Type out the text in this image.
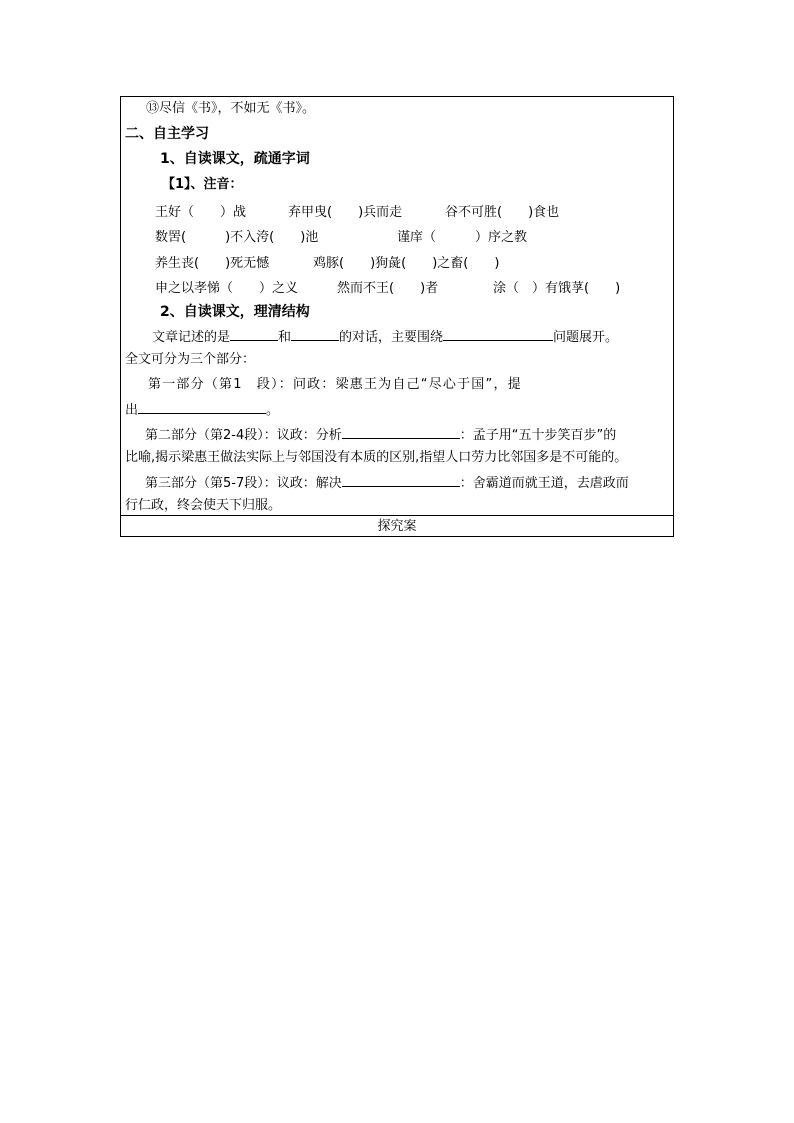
探究案
⑬尽信《书》，不如无《书》。
二、自主学习
1、自读课文，疏通字词
【1】、注音：
王好（　　）战	弃甲曳(　　)兵而走	谷不可胜(　　)食也
数罟(　　　)不入洿(　　)池	谨庠（　　　）序之教
养生丧(　　)死无憾	鸡豚(　　)狗彘(　　)之畜(　　)
申之以孝悌（　　）之义	然而不王(　　)者	涂（　）有饿莩(　　)
2、自读课文，理清结构
文章记述的是	和	的对话，主要围绕	问题展开。
全文可分为三个部分：
第一部分（第1　段）：问政：梁惠王为自己“尽心于国”，提
出	。
第二部分（第2-4段）：议政：分析	：孟子用“五十步笑百步”的
比喻,揭示梁惠王做法实际上与邻国没有本质的区别,指望人口劳力比邻国多是不可能的。
第三部分（第5-7段）：议政：解决	：舍霸道而就王道，去虐政而
行仁政，终会使天下归服。
